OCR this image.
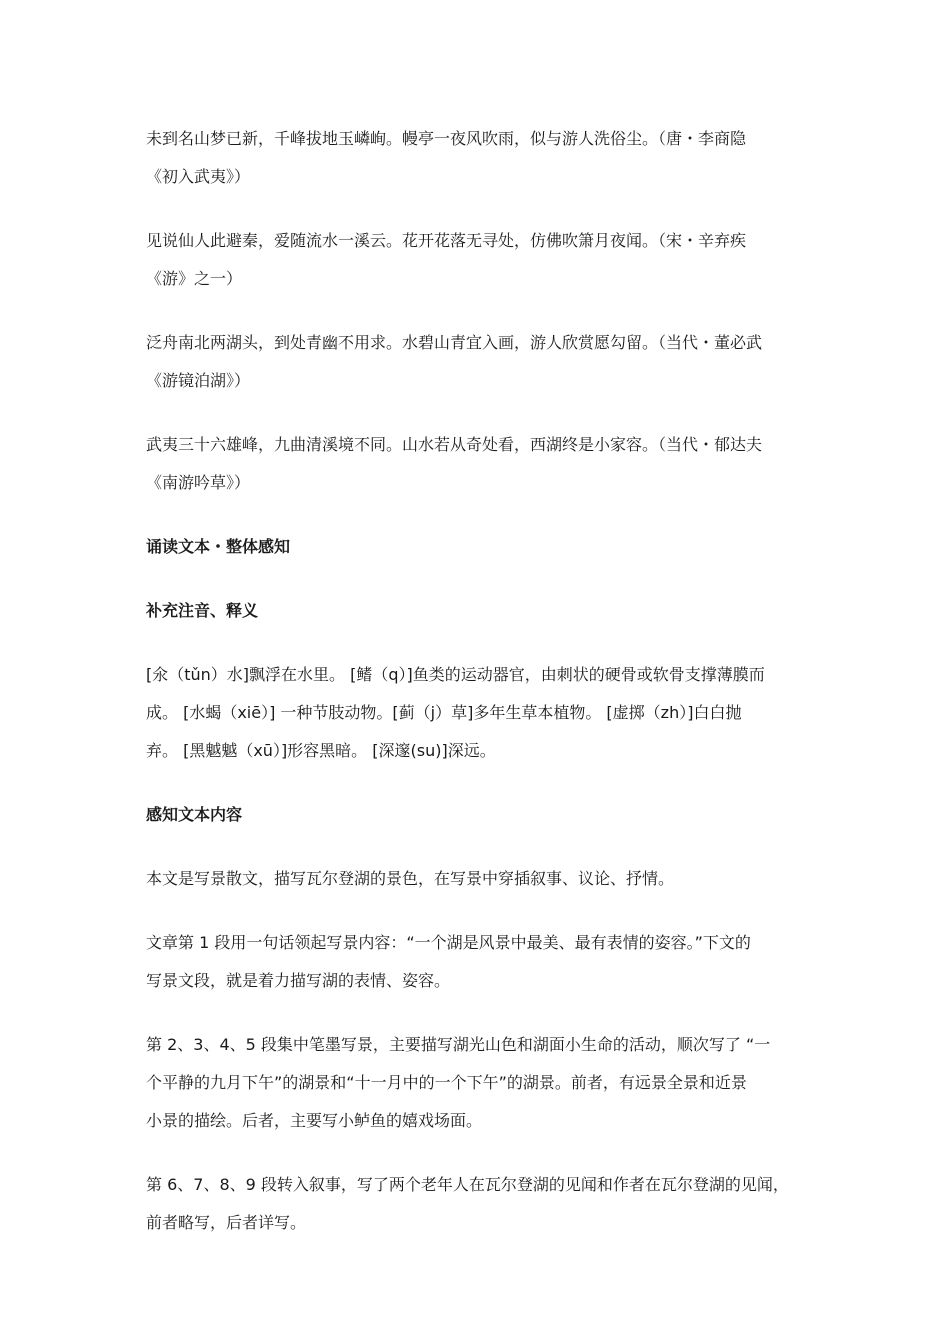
未到名山梦已新，千峰拔地玉嶙峋。幔亭一夜风吹雨，似与游人洗俗尘。（唐・李商隐
《初入武夷》）

见说仙人此避秦，爱随流水一溪云。花开花落无寻处，仿佛吹箫月夜闻。（宋・辛弃疾
《游》之一）

泛舟南北两湖头，到处青幽不用求。水碧山青宜入画，游人欣赏愿勾留。（当代・董必武
《游镜泊湖》）

武夷三十六雄峰，九曲清溪境不同。山水若从奇处看，西湖终是小家容。（当代・郁达夫
《南游吟草》）

诵读文本・整体感知
补充注音、释义

[氽（tǔn）水]飘浮在水里。 [鳍（q）]鱼类的运动器官，由刺状的硬骨或软骨支撑薄膜而
成。 [水蝎（xiē）] 一种节肢动物。[蓟（j）草]多年生草本植物。 [虚掷（zh）]白白抛
弃。 [黑魆魆（xū）]形容黑暗。 [深邃(su)]深远。

感知文本内容

本文是写景散文，描写瓦尔登湖的景色，在写景中穿插叙事、议论、抒情。

文章第 1 段用一句话领起写景内容：“一个湖是风景中最美、最有表情的姿容。”下文的
写景文段，就是着力描写湖的表情、姿容。

第 2、3、4、5 段集中笔墨写景，主要描写湖光山色和湖面小生命的活动，顺次写了 “一
个平静的九月下午”的湖景和“十一月中的一个下午”的湖景。前者，有远景全景和近景
小景的描绘。后者，主要写小鲈鱼的嬉戏场面。

第 6、7、8、9 段转入叙事，写了两个老年人在瓦尔登湖的见闻和作者在瓦尔登湖的见闻，
前者略写，后者详写。
